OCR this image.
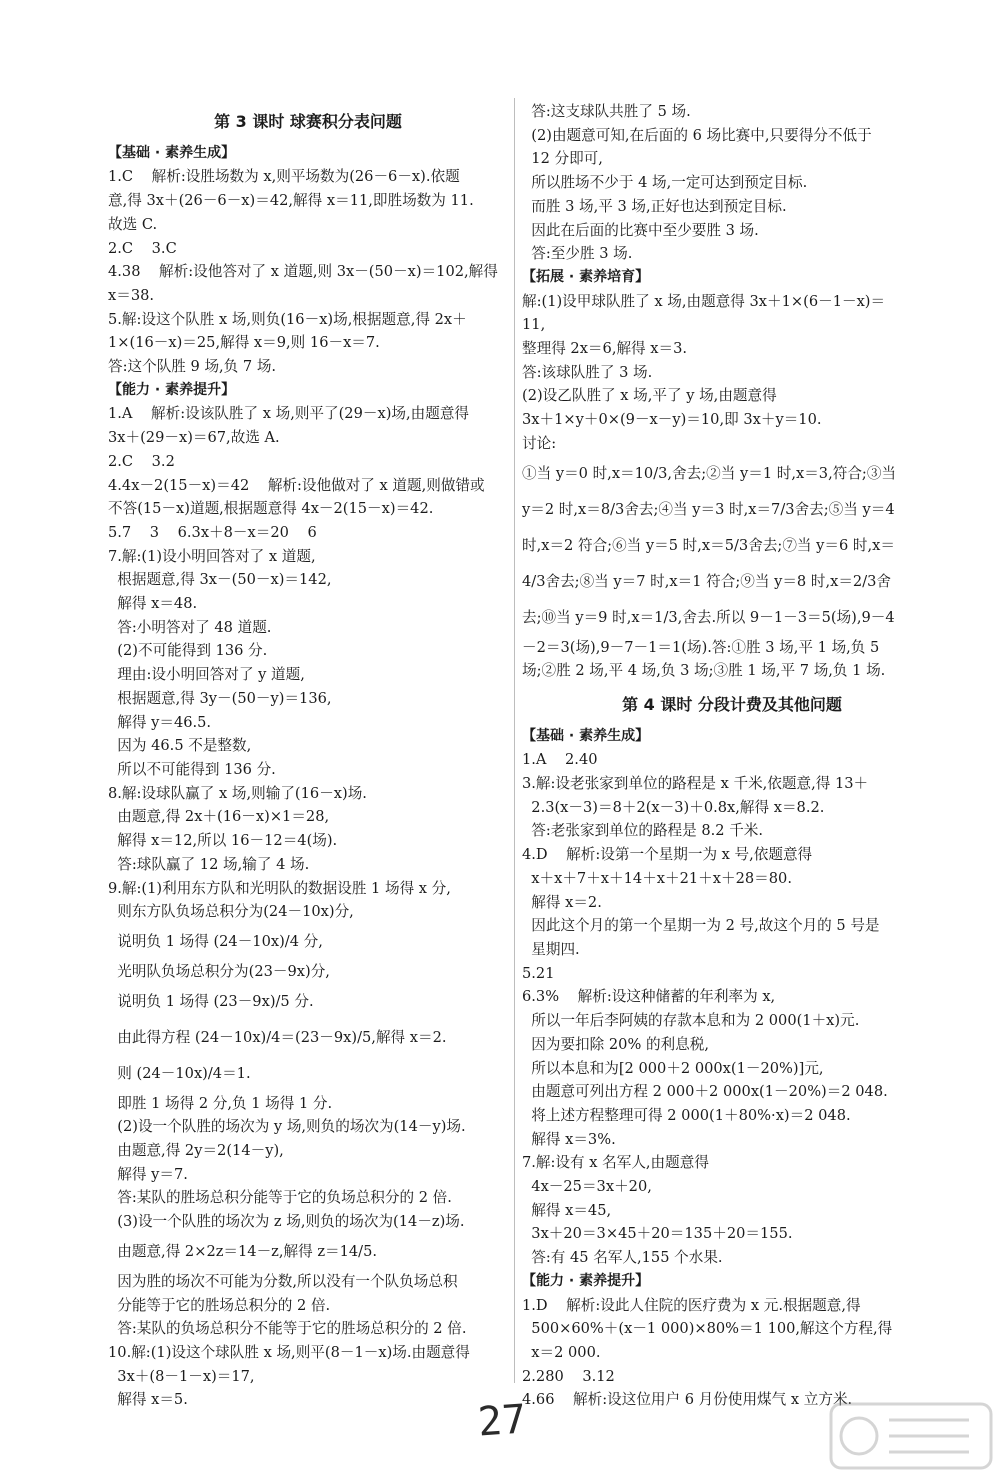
第 3 课时 球赛积分表问题
【基础 · 素养生成】
1.C    解析:设胜场数为 x,则平场数为(26－6－x).依题
意,得 3x＋(26－6－x)＝42,解得 x＝11,即胜场数为 11.
故选 C.
2.C    3.C
4.38    解析:设他答对了 x 道题,则 3x－(50－x)＝102,解得
x＝38.
5.解:设这个队胜 x 场,则负(16－x)场,根据题意,得 2x＋
1×(16－x)＝25,解得 x＝9,则 16－x＝7.
答:这个队胜 9 场,负 7 场.
【能力 · 素养提升】
1.A    解析:设该队胜了 x 场,则平了(29－x)场,由题意得
3x＋(29－x)＝67,故选 A.
2.C    3.2
4.4x－2(15－x)＝42    解析:设他做对了 x 道题,则做错或
不答(15－x)道题,根据题意得 4x－2(15－x)＝42.
5.7    3    6.3x＋8－x＝20    6
7.解:(1)设小明回答对了 x 道题,
根据题意,得 3x－(50－x)＝142,
解得 x＝48.
答:小明答对了 48 道题.
(2)不可能得到 136 分.
理由:设小明回答对了 y 道题,
根据题意,得 3y－(50－y)＝136,
解得 y＝46.5.
因为 46.5 不是整数,
所以不可能得到 136 分.
8.解:设球队赢了 x 场,则输了(16－x)场.
由题意,得 2x＋(16－x)×1＝28,
解得 x＝12,所以 16－12＝4(场).
答:球队赢了 12 场,输了 4 场.
9.解:(1)利用东方队和光明队的数据设胜 1 场得 x 分,
则东方队负场总积分为(24－10x)分,
说明负 1 场得 (24－10x)/4 分,
光明队负场总积分为(23－9x)分,
说明负 1 场得 (23－9x)/5 分.
由此得方程 (24－10x)/4＝(23－9x)/5,解得 x＝2.
则 (24－10x)/4＝1.
即胜 1 场得 2 分,负 1 场得 1 分.
(2)设一个队胜的场次为 y 场,则负的场次为(14－y)场.
由题意,得 2y＝2(14－y),
解得 y＝7.
答:某队的胜场总积分能等于它的负场总积分的 2 倍.
(3)设一个队胜的场次为 z 场,则负的场次为(14－z)场.
由题意,得 2×2z＝14－z,解得 z＝14/5.
因为胜的场次不可能为分数,所以没有一个队负场总积
分能等于它的胜场总积分的 2 倍.
答:某队的负场总积分不能等于它的胜场总积分的 2 倍.
10.解:(1)设这个球队胜 x 场,则平(8－1－x)场.由题意得
3x＋(8－1－x)＝17,
解得 x＝5.
答:这支球队共胜了 5 场.
(2)由题意可知,在后面的 6 场比赛中,只要得分不低于
12 分即可,
所以胜场不少于 4 场,一定可达到预定目标.
而胜 3 场,平 3 场,正好也达到预定目标.
因此在后面的比赛中至少要胜 3 场.
答:至少胜 3 场.
【拓展 · 素养培育】
解:(1)设甲球队胜了 x 场,由题意得 3x＋1×(6－1－x)＝
11,
整理得 2x＝6,解得 x＝3.
答:该球队胜了 3 场.
(2)设乙队胜了 x 场,平了 y 场,由题意得
3x＋1×y＋0×(9－x－y)＝10,即 3x＋y＝10.
讨论:
①当 y＝0 时,x＝10/3,舍去;②当 y＝1 时,x＝3,符合;③当
y＝2 时,x＝8/3舍去;④当 y＝3 时,x＝7/3舍去;⑤当 y＝4
时,x＝2 符合;⑥当 y＝5 时,x＝5/3舍去;⑦当 y＝6 时,x＝
4/3舍去;⑧当 y＝7 时,x＝1 符合;⑨当 y＝8 时,x＝2/3舍
去;⑩当 y＝9 时,x＝1/3,舍去.所以 9－1－3＝5(场),9－4
－2＝3(场),9－7－1＝1(场).答:①胜 3 场,平 1 场,负 5
场;②胜 2 场,平 4 场,负 3 场;③胜 1 场,平 7 场,负 1 场.
第 4 课时 分段计费及其他问题
【基础 · 素养生成】
1.A    2.40
3.解:设老张家到单位的路程是 x 千米,依题意,得 13＋
2.3(x－3)＝8＋2(x－3)＋0.8x,解得 x＝8.2.
答:老张家到单位的路程是 8.2 千米.
4.D    解析:设第一个星期一为 x 号,依题意得
x＋x＋7＋x＋14＋x＋21＋x＋28＝80.
解得 x＝2.
因此这个月的第一个星期一为 2 号,故这个月的 5 号是
星期四.
5.21
6.3%    解析:设这种储蓄的年利率为 x,
所以一年后李阿姨的存款本息和为 2 000(1＋x)元.
因为要扣除 20% 的利息税,
所以本息和为[2 000＋2 000x(1－20%)]元,
由题意可列出方程 2 000＋2 000x(1－20%)＝2 048.
将上述方程整理可得 2 000(1＋80%·x)＝2 048.
解得 x＝3%.
7.解:设有 x 名军人,由题意得
4x－25＝3x＋20,
解得 x＝45,
3x＋20＝3×45＋20＝135＋20＝155.
答:有 45 名军人,155 个水果.
【能力 · 素养提升】
1.D    解析:设此人住院的医疗费为 x 元.根据题意,得
500×60%＋(x－1 000)×80%＝1 100,解这个方程,得
x＝2 000.
2.280    3.12
4.66    解析:设这位用户 6 月份使用煤气 x 立方米.
27
